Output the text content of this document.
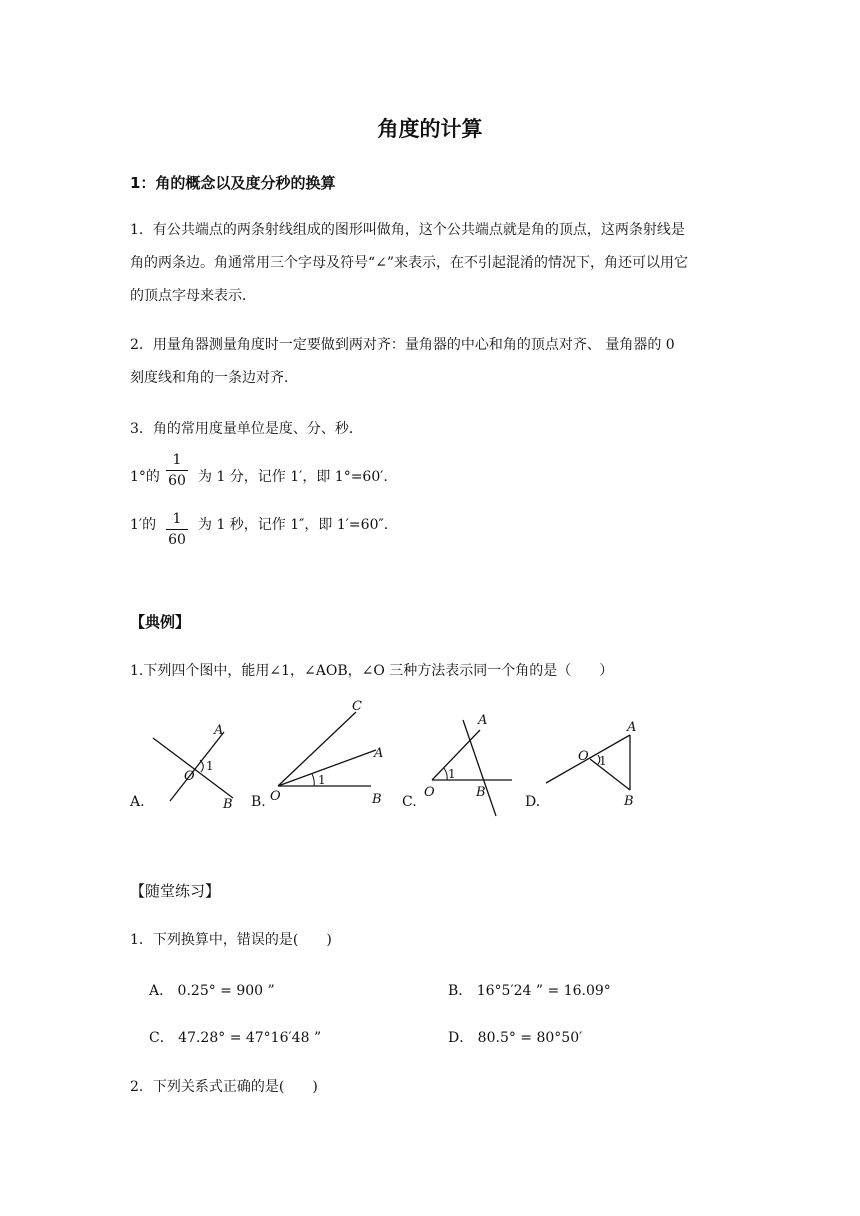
角度的计算
1：角的概念以及度分秒的换算
1．有公共端点的两条射线组成的图形叫做角，这个公共端点就是角的顶点，这两条射线是
角的两条边。角通常用三个字母及符号“∠”来表示，在不引起混淆的情况下，角还可以用它
的顶点字母来表示．
2．用量角器测量角度时一定要做到两对齐：量角器的中心和角的顶点对齐、 量角器的 0
刻度线和角的一条边对齐．
3．角的常用度量单位是度、分、秒．
1°的
1
60 为 1 分，记作 1′，即 1°=60′.
1′的	1
60
为 1 秒，记作 1″，即 1′=60″.
【典例】
1.下列四个图中，能用∠1，∠AOB，∠O 三种方法表示同一个角的是（　　）
A.
A
O
B
1
B.
C
A
O	B
1
C.
A
O	B
1
D.
A
O
B
1
【随堂练习】
1．下列换算中，错误的是(　　)
A． 0.25° = 900 ”	B． 16°5′24 ” = 16.09°
C． 47.28° = 47°16′48 ”	D． 80.5° = 80°50′
2．下列关系式正确的是(　　)
